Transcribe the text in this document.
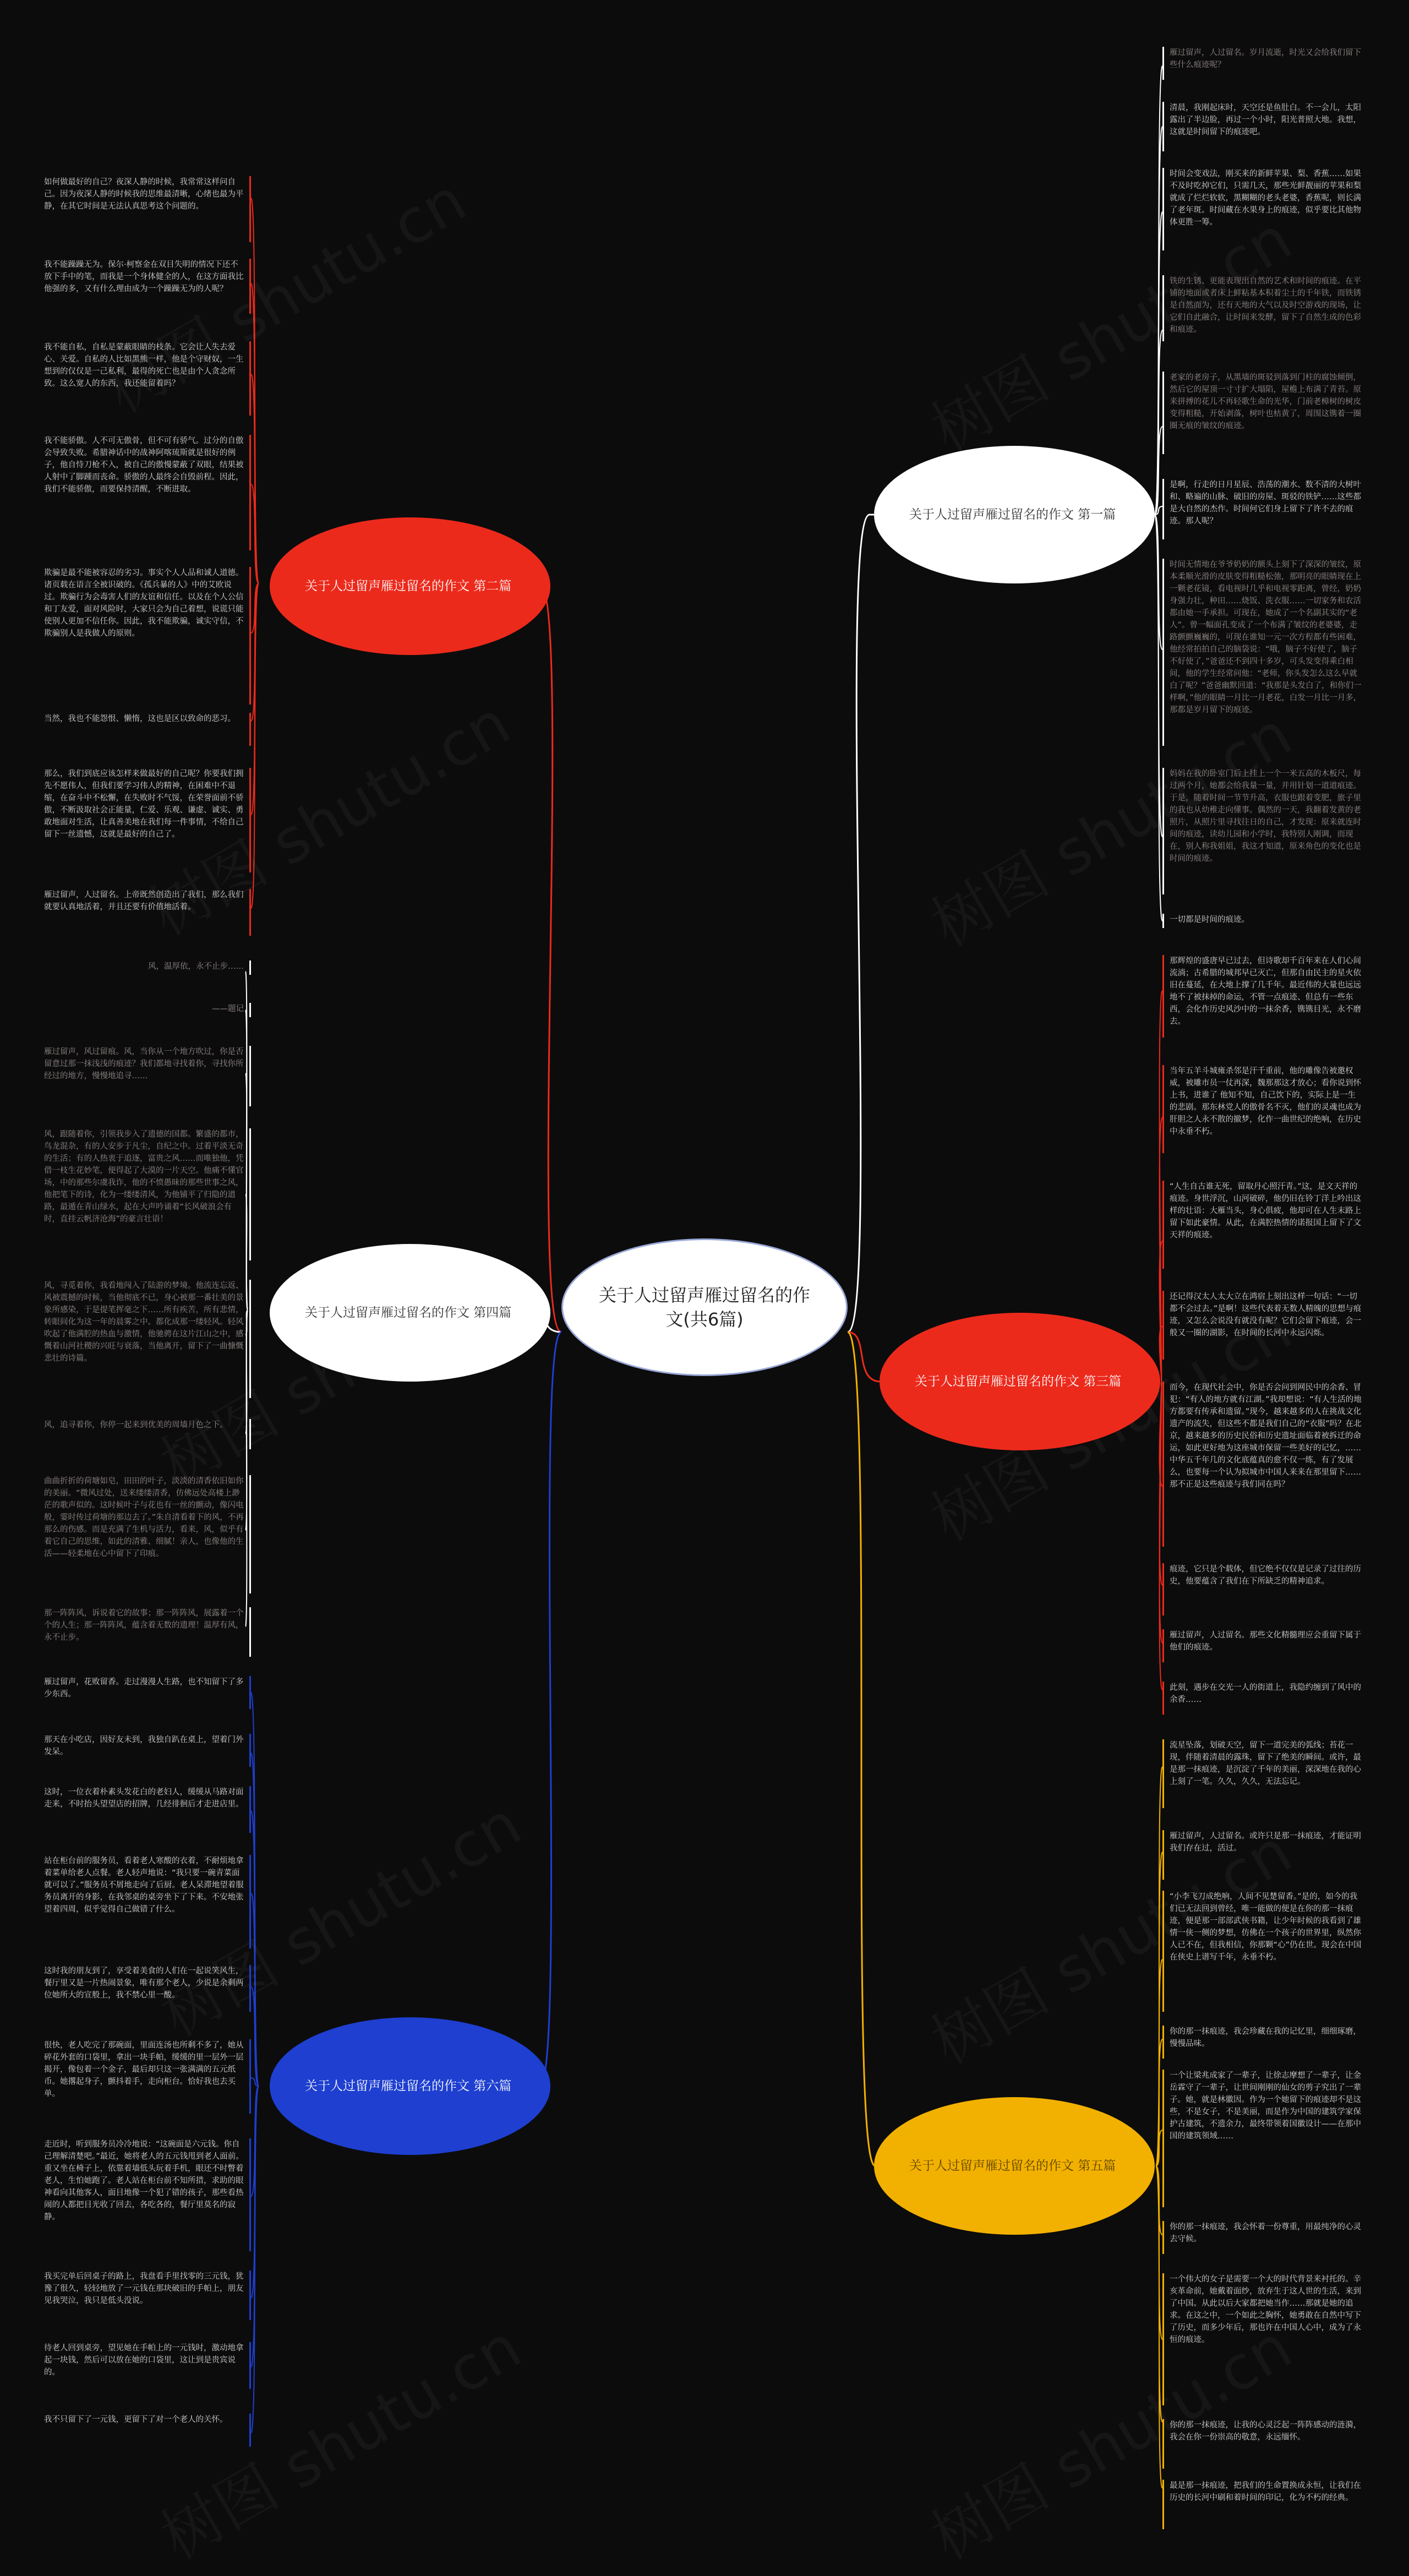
关于人过留声雁过留名的作文(共6篇)
关于人过留声雁过留名的作文 第一篇
关于人过留声雁过留名的作文 第二篇
关于人过留声雁过留名的作文 第三篇
关于人过留声雁过留名的作文 第四篇
关于人过留声雁过留名的作文 第五篇
关于人过留声雁过留名的作文 第六篇
雁过留声，人过留名。岁月流逝，时光又会给我们留下些什么痕迹呢？
清晨，我刚起床时，天空还是鱼肚白。不一会儿，太阳露出了半边脸，再过一个小时，阳光普照大地。我想，这就是时间留下的痕迹吧。
时间会变戏法，刚买来的新鲜苹果、梨、香蕉……如果不及时吃掉它们，只需几天，那些光鲜靓丽的苹果和梨就成了烂烂软软，黑糊糊的老头老婆，香蕉呢，则长满了老年斑。时间藏在水果身上的痕迹，似乎要比其他物体更胜一筹。
铁的生锈、更能表现出自然的艺术和时间的痕迹。在平铺的地面或者床上鲜粘基本积着尘土的千年铁，而铁锈是自然而为，还有天地的大气以及时空游戏的现场，让它们自此融合，让时间来发酵，留下了自然生成的色彩和痕迹。
老家的老房子，从黑墙的斑驳到落到门柱的腐蚀倾倒，然后它的屋顶一寸寸扩大塌陷，屋檐上布满了青苔。原来拼搏的花儿不再轻歌生命的光华，门前老樟树的树皮变得粗糙，开始剥落，树叶也枯黄了，周围这镌着一圈圈无痕的皱纹的痕迹。
是啊，行走的日月星辰、浩荡的潮水、数不清的大树叶和、略遍的山脉、破旧的房屋、斑驳的铁铲……这些都是大自然的杰作。时间何它们身上留下了许不去的痕迹。那人呢？
时间无情地在爷爷奶奶的额头上刻下了深深的皱纹，原本柔顺光滑的皮肤变得粗糙松弛，那明亮的眼睛现在上一颗老花镜，看电视时几乎和电视零距离，曾经，奶奶身强力壮，种田……烧饭、洗衣服……一切家务和农活都由她一手承担。可现在，她成了一个名副其实的“老人”。曾一幅面孔变成了一个布满了皱纹的老婆婆，走路颤颤巍巍的，可现在谁知一元一次方程都有些困难，他经常拍拍自己的脑袋说：“哦，脑子不好使了，脑子不好使了，”爸爸还不到四十多岁，可头发变得乘白相间，他的学生经常问他：“老师，你头发怎么这么早就白了呢？”爸爸幽默回道：“我那是头发白了，和你们一样啊，”他的眼睛一月比一月老花，白发一月比一月多，那都是岁月留下的痕迹。
妈妈在我的卧室门后上挂上一个一米五高的木板尺，每过两个月，她都会给我量一量，并用针划一道道痕迹。于是，随着时间一节节升高，衣服也跟着变肥，旅子里的我也从幼稚走向懂事。偶然的一天，我翻着发黄的老照片，从照片里寻找往日的自己，才发现：原来就连时间的痕迹，读幼儿园和小学时，我特别人刚调，而现在，别人称我姐姐，我这才知道，原来角色的变化也是时间的痕迹。
一切都是时间的痕迹。
那辉煌的盛唐早已过去，但诗歌却千百年来在人们心间流淌；古希腊的城邦早已灭亡，但那自由民主的星火依旧在蔓延，在大地上撑了几千年。最近伟的大量也远远地不了被抹掉的命运，不管一点痕迹、但总有一些东西，会化作历史风沙中的一抹余香，镌镌目光，永不磨去。
当年五羊斗城雍杀邻是汗千重前，他的雕像告被邀权威，被雕市员一仗再深，魏那那这才放心；看你说到怀上书，进谁了 他知不知，自己饮下的，实际上是一生的悲剧。那东林党人的傲骨名不灭，他们的灵魂也成为肝胆之人永不散的撤梦，化作一曲世纪的绝响，在历史中永垂不朽。
“人生自古谁无死，留取丹心照汗青。”这，是文天祥的痕迹。身世浮沉，山河破碎，他仍旧在铃丁洋上吟出这样的壮语：大雁当头，身心俱疲，他却可在人生末路上留下如此豪情。从此，在满腔热情的诺报国上留下了文天祥的痕迹。
还记得汉太人太大立在鸿宿上刻出这样一句话：“一切都不会过去。”是啊！这些代表着无数人精魄的思想与痕迹，又怎么会说没有就没有呢？它们会留下痕迹，会一般又一圈的湖影，在时间的长河中永远闪烁。
而今，在现代社会中，你是否会问到网民中的余香、冒犯：“有人的地方就有江湖。”我却想说：“有人生活的地方都要有传承和遗留。”现今，越来越多的人在挑战文化遗产的流失，但这些不都是我们自己的“衣服”吗？在北京，越来越多的历史民俗和历史遗址面临着被拆迁的命运，如此更好地为这座城市保留一些美好的记忆，……中华五千年几的文化底蕴真的愈不仅一练，有了发展么，也要每一个认为拟城市中国人来来在那里留下……那不正是这些痕迹与我们同在吗？
痕迹，它只是个载体，但它绝不仅仅是记录了过往的历史，他要蕴含了我们在下所缺乏的精神追求。
雁过留声，人过留名。那些文化精髓理应会重留下属于他们的痕迹。
此刻，遇步在交光一人的街道上，我隐约缠到了风中的余香……
流星坠落，划破天空，留下一道完美的弧线；苔花一现，伴随着清晨的露珠，留下了绝美的瞬间。或许，最是那一抹痕迹，是沉淀了千年的美丽，深深地在我的心上刻了一笔。久久，久久，无法忘记。
雁过留声，人过留名。或许只是那一抹痕迹，才能证明我们存在过，活过。
“小李飞刀成绝响，人间不见楚留香。”是的，如今的我们已无法回到曾经，唯一能做的便是在你的那一抹痕迹，便是那一部部武侠书籍，让少年时候的我看到了雄情一侠一侧的梦想，仿佛在一个孩子的世界里，纵然你人已不在，但我相信，你那颗“心”仍在世。现会在中国在侠史上谱写千年，永垂不朽。
你的那一抹痕迹，我会珍藏在我的记忆里，细细琢磨，慢慢品味。
一个让梁兆成家了一辈子，让徐志摩想了一辈子，让金岳霖守了一辈子，让世间刚刚的仙女的剪子究出了一辈子。她，就是林徽因。作为一个她留下的痕迹却不是这些，不是女子，不是美丽，而是作为中国的建筑学家保护古建筑，不遗余力，最终带领着国徽设计——在那中国的建筑领域……
你的那一抹痕迹，我会怀着一份尊重，用最纯净的心灵去守候。
一个伟大的女子是需要一个大的时代背景来衬托的。辛亥革命前，她戴着面纱，放弃生于这人世的生活，来到了中国。从此以后大家都把她当作……那就是她的追求。在这之中，一个如此之胸怀，她勇敢在自然中写下了历史，而多少年后，那也许在中国人心中，成为了永恒的痕迹。
你的那一抹痕迹，让我的心灵泛起一阵阵感动的涟漪，我会在你一份崇高的敬意，永远缅怀。
最是那一抹痕迹，把我们的生命置换成永恒，让我们在历史的长河中刷和着时间的印记，化为不朽的经典。
如何做最好的自己？夜深人静的时候，我常常这样问自己。因为夜深人静的时候我的思维最清晰，心绪也最为平静，在其它时间是无法认真思考这个问题的。
我不能躁躁无为。保尔·柯察金在双目失明的情况下还不放下手中的笔，而我是一个身体健全的人，在这方面我比他强的多，又有什么理由成为一个躁躁无为的人呢？
我不能自私，自私是蒙蔽眼睛的枝条。它会让人失去爱心、关爱。自私的人比如黑熊一样，他是个守财奴，一生想到的仅仅是一己私利，最得的死亡也是由个人贪念所致。这么宽人的东西，我还能留着吗？
我不能骄傲。人不可无傲骨，但不可有骄气。过分的自傲会导致失败。希腊神话中的战神阿喀琉斯就是很好的例子，他自恃刀枪不入，被自己的傲慢蒙蔽了双眼，结果被人射中了脚踵而丧命。骄傲的人最终会自毁前程。因此，我们不能骄傲，而要保持清醒，不断进取。
欺骗是最不能被容忍的劣习。事实个人人品和诚人道德。诸页载在语言全被识破的。《孤兵暴的人》中的艾欧说过。欺骗行为会毒害人们的友谊和信任。以及在个人公信和丁友爱，面对风险时，大家只会为自己着想，说谎只能使别人更加不信任你。因此，我不能欺骗，诚实守信，不欺骗别人是我做人的原则。
当然，我也不能怨恨、懒惰，这也是区以致命的恶习。
那么，我们到底应该怎样来做最好的自己呢？你要我们拥先不愿伟人，但我们要学习伟人的精神，在困难中不退缩，在奋斗中不松懈，在失败时不气馁，在荣誉面前不骄傲，不断汲取社会正能量，仁爱、乐观、谦虚、诚实、勇敢地面对生活，让真善美地在我们每一件事情，不给自己留下一丝遗憾，这就是最好的自己了。
雁过留声，人过留名。上帝既然创造出了我们，那么我们就要认真地活着，并且还要有价值地活着。
风，温厚依，永不止步……
——题记
雁过留声，风过留痕。风，当你从一个地方吹过，你是否留意过那一抹浅浅的痕迹？我们都地寻找着你，寻找你所经过的地方，慢慢地追寻……
风，跟随着你，引领我步入了遗德的国都。繁盛的都市，鸟龙混杂，有的人安步于凡尘，自纪之中。过着平淡无奇的生活；有的人热衷于追逐，富贵之风……而唯独他，凭借一枝生花妙笔，便得起了大漠的一片天空。他痛不懂官场，中的那些尔虞我诈，他的不愤愚昧的那些世事之风，他把笔下的诗，化为一缕缕清风，为他铺平了归隐的道路，最遁在青山绿水，起在大声吟诵着“长风破浪会有时，直挂云帆济沧海”的豪言壮语！
风，寻觅着你，我看地闯入了陆游的梦境。他流连忘返、风被震撼的时候，当他彻底不已，身心被那一番壮美的景象所感染，于是提笔挥毫之下……所有疾苦，所有悲情，转眼间化为这一年的晨雾之中。都化成那一缕轻风。轻风吹起了他满腔的热血与激情，他驰骋在这片江山之中，感慨着山河社稷的兴旺与衰落，当他离开，留下了一曲慷慨悲壮的诗篇。
风，追寻着你，你停一起来到优美的周墙月色之下。
曲曲折折的荷塘如皂，田田的叶子，淡淡的清香依旧如你的美丽。“微风过处，送来缕缕清香，仿佛远处高楼上渺茫的歌声似的。这时候叶子与花也有一丝的颤动，像闪电般，霎时传过荷塘的那边去了。”朱自清看着下的风，不再那么的伤感。而是充满了生机与活力，看来，风，似乎有着它自己的思维，如此的清雅、细腻！亲人，也像他的生活——轻柔地在心中留下了印痕。
那一阵阵风，诉说着它的故事；那一阵阵风，展露着一个个的人生；那一阵阵风，蕴含着无数的遗理！温厚有风，永不止步。
雁过留声，花败留香。走过漫漫人生路，也不知留下了多少东西。
那天在小吃店，因好友未到，我独自趴在桌上，望着门外发呆。
这时，一位衣着朴素头发花白的老妇人，缓缓从马路对面走来，不时抬头望望店的招牌，几经徘徊后才走进店里。
站在柜台前的服务员，看着老人寒酸的衣着，不耐烦地拿着菜单给老人点餐。老人轻声地说：“我只要一碗青菜面就可以了。”服务员不屑地走向了后厨。老人呆滞地望着服务员离开的身影，在我邻桌的桌旁坐下了下来。不安地张望着四周，似乎觉得自己做错了什么。
这时我的朋友到了，享受着美食的人们在一起说笑风生，餐厅里又是一片热闹景象，唯有那个老人，少说是余剩两位她所大的宣般上，我不禁心里一酸。
很快，老人吃完了那碗面，里面连汤也所剩不多了，她从碎花外套的口袋里，拿出一块手帕，缓缓的里一层外一层揭开，像包着一个金子，最后却只这一张满满的五元纸币。她撂起身子，颤抖着手，走向柜台。恰好我也去买单。
走近时，听到服务员冷冷地说：“这碗面是六元钱。你自己理解清楚吧。”最近，她将老人的五元钱甩到老人面前。重又坐在椅子上，依靠着墙低头玩着手机，眼还不时瞥着老人，生怕她跑了。老人站在柜台前不知所措，求助的眼神看向其他客人，面目地像一个犯了错的孩子，那些看热闹的人都把目光收了回去，各吃各的，餐厅里莫名的寂静。
我买完单后回桌子的路上，我盘看手里找零的三元钱，犹豫了很久，轻轻地放了一元钱在那块破旧的手帕上，朋友见我哭泣，我只是低头没说。
待老人回到桌旁，望见她在手帕上的一元钱时，激动地拿起一块钱，然后可以放在她的口袋里，这让到是贵宾说的。
我不只留下了一元钱，更留下了对一个老人的关怀。
